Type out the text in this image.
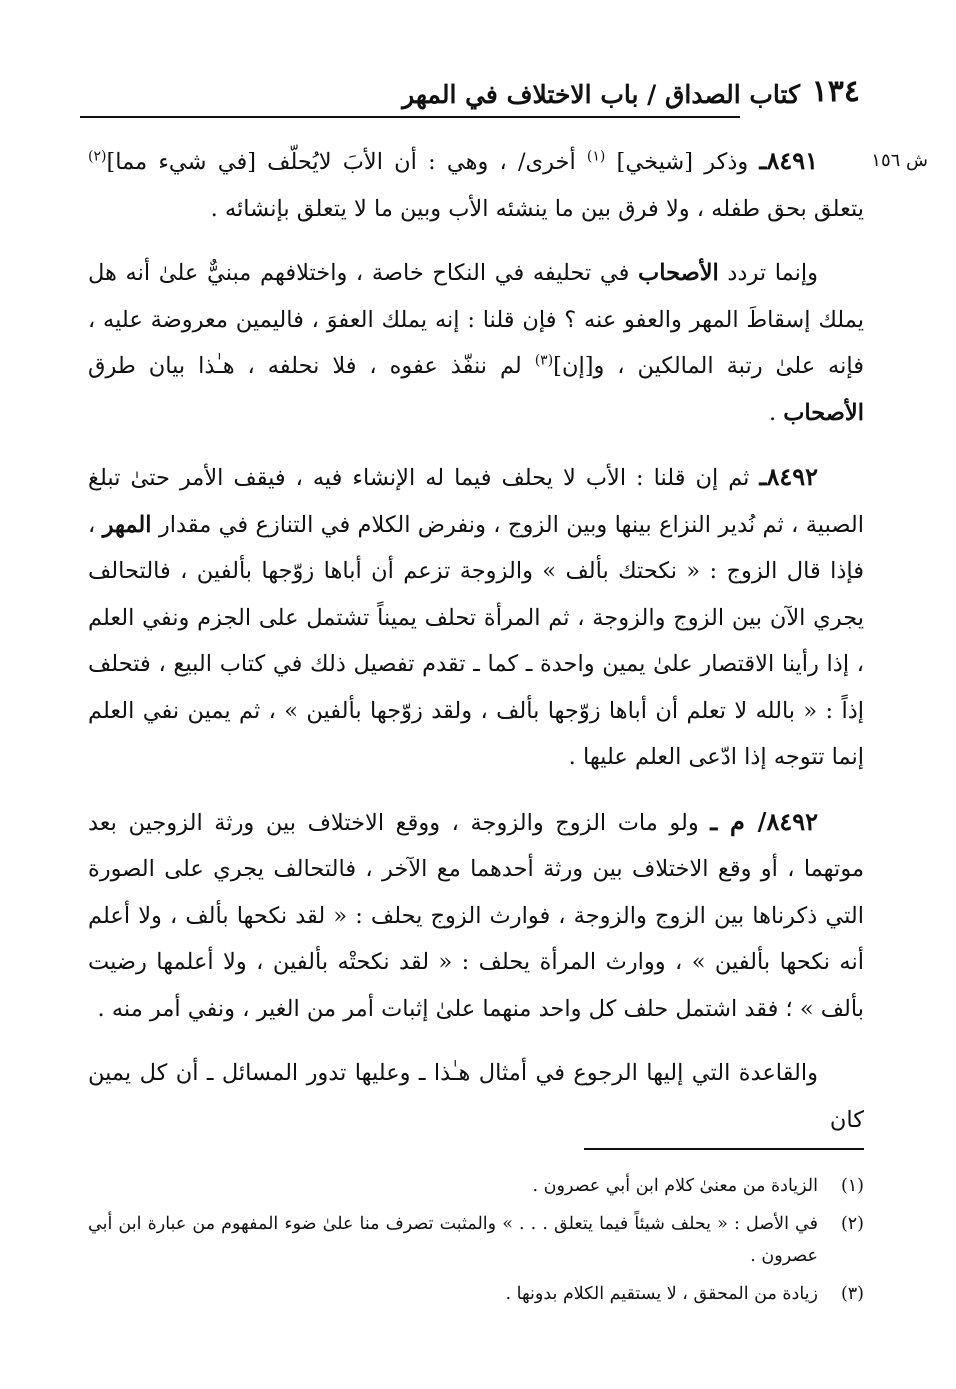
١٣٤
كتاب الصداق / باب الاختلاف في المهر
ش ١٥٦

٨٤٩١ـ وذكر [شيخي] $^{(١)}$ أخرى/ ، وهي : أن الأبَ لايُحلّف [في شيء مما]$^{(٢)}$ يتعلق بحق طفله ، ولا فرق بين ما ينشئه الأب وبين ما لا يتعلق بإنشائه .

وإنما تردد الأصحاب في تحليفه في النكاح خاصة ، واختلافهم مبنيٌّ علىٰ أنه هل يملك إسقاطَ المهر والعفو عنه ؟ فإن قلنا : إنه يملك العفوَ ، فاليمين معروضة عليه ، فإنه علىٰ رتبة المالكين ، و[إن]$^{(٣)}$ لم ننفّذ عفوه ، فلا نحلفه ، هـٰذا بيان طرق الأصحاب .

٨٤٩٢ـ ثم إن قلنا : الأب لا يحلف فيما له الإنشاء فيه ، فيقف الأمر حتىٰ تبلغ الصبية ، ثم نُدير النزاع بينها وبين الزوج ، ونفرض الكلام في التنازع في مقدار المهر ، فإذا قال الزوج : « نكحتك بألف » والزوجة تزعم أن أباها زوّجها بألفين ، فالتحالف يجري الآن بين الزوج والزوجة ، ثم المرأة تحلف يميناً تشتمل على الجزم ونفي العلم ، إذا رأينا الاقتصار علىٰ يمين واحدة ـ كما ـ تقدم تفصيل ذلك في كتاب البيع ، فتحلف إذاً : « بالله لا تعلم أن أباها زوّجها بألف ، ولقد زوّجها بألفين » ، ثم يمين نفي العلم إنما تتوجه إذا ادّعى العلم عليها .

٨٤٩٢/ م ـ ولو مات الزوج والزوجة ، ووقع الاختلاف بين ورثة الزوجين بعد موتهما ، أو وقع الاختلاف بين ورثة أحدهما مع الآخر ، فالتحالف يجري على الصورة التي ذكرناها بين الزوج والزوجة ، فوارث الزوج يحلف : « لقد نكحها بألف ، ولا أعلم أنه نكحها بألفين » ، ووارث المرأة يحلف : « لقد نكحتْه بألفين ، ولا أعلمها رضيت بألف » ؛ فقد اشتمل حلف كل واحد منهما علىٰ إثبات أمر من الغير ، ونفي أمر منه .

والقاعدة التي إليها الرجوع في أمثال هـٰذا ـ وعليها تدور المسائل ـ أن كل يمين كان

(١)
الزيادة من معنىٰ كلام ابن أبي عصرون .
(٢)
في الأصل : « يحلف شيئاً فيما يتعلق . . . » والمثبت تصرف منا علىٰ ضوء المفهوم من عبارة ابن أبي عصرون .
(٣)
زيادة من المحقق ، لا يستقيم الكلام بدونها .
